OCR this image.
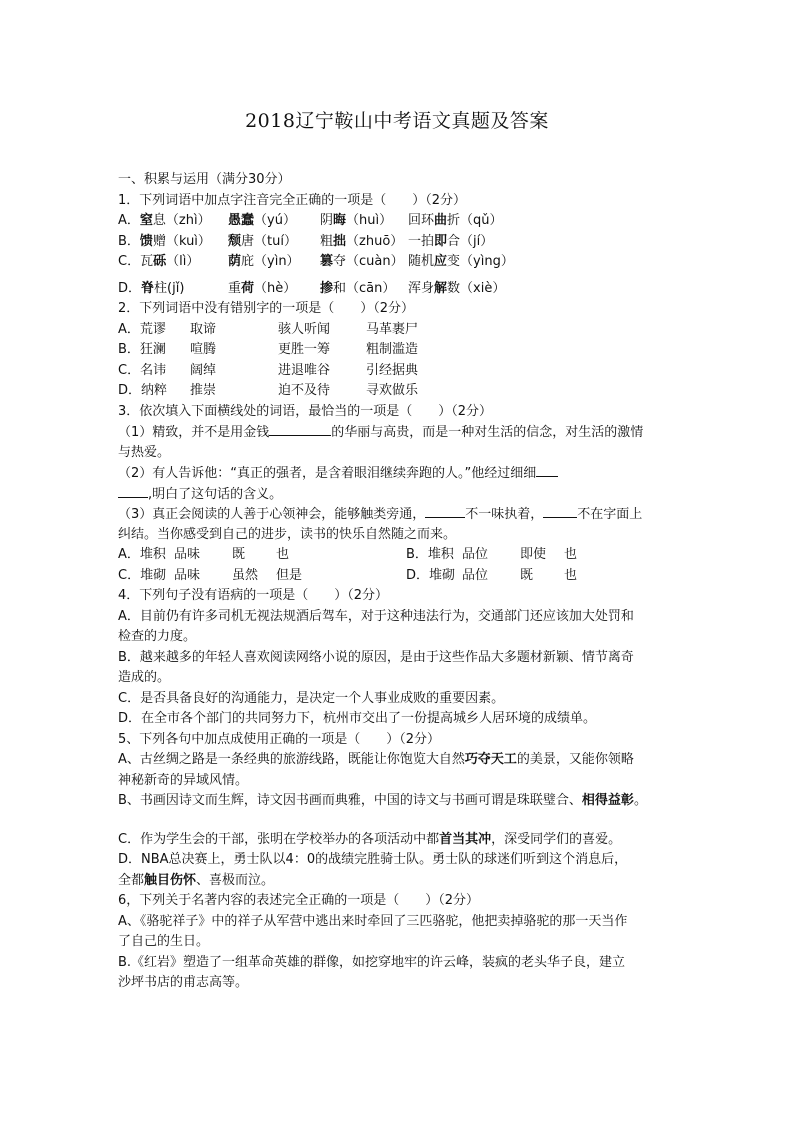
2018辽宁鞍山中考语文真题及答案
一、积累与运用（满分30分）
1．下列词语中加点字注音完全正确的一项是（　　）（2分）
A．窒息（zhì） 愚蠢（yú） 阴晦（huì） 回环曲折（qǔ）
B．馈赠（kuì） 颓唐（tuí） 粗拙（zhuō） 一拍即合（jí）
C．瓦砾（lì） 荫庇（yìn） 篡夺（cuàn） 随机应变（yìng）
D．脊柱(jǐ)	重荷（hè） 掺和（cān） 浑身解数（xiè）
2．下列词语中没有错别字的一项是（　　）（2分）
A．荒谬 取谛	骇人听闻	马革裹尸
B．狂澜 喧腾	更胜一筹	粗制滥造
C．名讳 阔绰	进退唯谷	引经据典
D．纳粹 推崇	迫不及待	寻欢做乐
3．依次填入下面横线处的词语，最恰当的一项是（　　）（2分）
（1）精致，并不是用金钱	的华丽与高贵，而是一种对生活的信念，对生活的激情
与热爱。
（2）有人告诉他：“真正的强者，是含着眼泪继续奔跑的人。”他经过细细
,明白了这句话的含义。
（3）真正会阅读的人善于心领神会，能够触类旁通，	不一味执着，	不在字面上
纠结。当你感受到自己的进步，读书的快乐自然随之而来。
A．堆积 品味 既 也	B．堆积 品位 即使 也
C．堆砌 品味 虽然 但是	D．堆砌 品位 既 也
4．下列句子没有语病的一项是（　　）（2分）
A．目前仍有许多司机无视法规酒后驾车，对于这种违法行为，交通部门还应该加大处罚和
检查的力度。
B．越来越多的年轻人喜欢阅读网络小说的原因，是由于这些作品大多题材新颖、情节离奇
造成的。
C．是否具备良好的沟通能力，是决定一个人事业成败的重要因素。
D．在全市各个部门的共同努力下，杭州市交出了一份提高城乡人居环境的成绩单。
5、下列各句中加点成使用正确的一项是（　　）（2分）
A、古丝绸之路是一条经典的旅游线路，既能让你饱览大自然巧夺天工的美景，又能你领略
神秘新奇的异域风情。
B、书画因诗文而生辉，诗文因书画而典雅，中国的诗文与书画可谓是珠联璧合、相得益彰。
C．作为学生会的干部，张明在学校举办的各项活动中都首当其冲，深受同学们的喜爱。
D．NBA总决赛上，勇士队以4：0的战绩完胜骑士队。勇士队的球迷们听到这个消息后，
全都触目伤怀、喜极而泣。
6，下列关于名著内容的表述完全正确的一项是（　　）（2分）
A、《骆驼祥子》中的祥子从军营中逃出来时牵回了三匹骆驼，他把卖掉骆驼的那一天当作
了自己的生日。
B.《红岩》塑造了一组革命英雄的群像，如挖穿地牢的许云峰，装疯的老头华子良，建立
沙坪书店的甫志高等。
